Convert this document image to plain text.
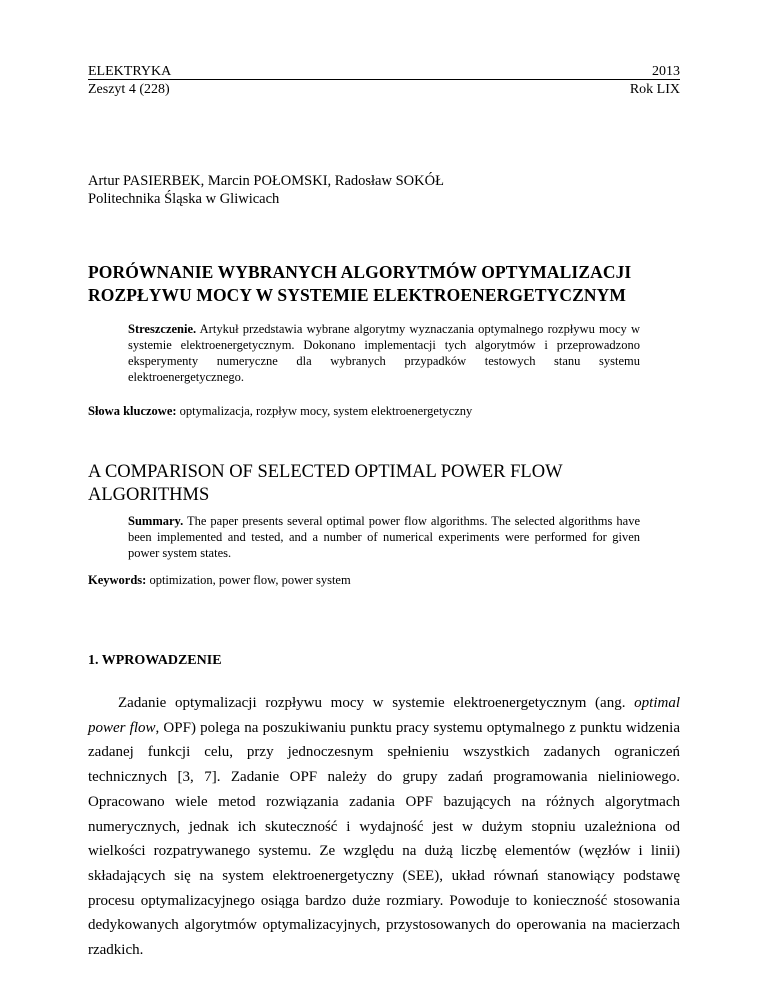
ELEKTRYKA	2013
Zeszyt 4 (228)	Rok LIX
Artur PASIERBEK, Marcin POŁOMSKI, Radosław SOKÓŁ
Politechnika Śląska w Gliwicach
PORÓWNANIE WYBRANYCH ALGORYTMÓW OPTYMALIZACJI
ROZPŁYWU MOCY W SYSTEMIE ELEKTROENERGETYCZNYM
Streszczenie. Artykuł przedstawia wybrane algorytmy wyznaczania optymalnego rozpływu mocy w systemie elektroenergetycznym. Dokonano implementacji tych algorytmów i przeprowadzono eksperymenty numeryczne dla wybranych przypadków testowych stanu systemu elektroenergetycznego.
Słowa kluczowe: optymalizacja, rozpływ mocy, system elektroenergetyczny
A COMPARISON OF SELECTED OPTIMAL POWER FLOW
ALGORITHMS
Summary. The paper presents several optimal power flow algorithms. The selected algorithms have been implemented and tested, and a number of numerical experiments were performed for given power system states.
Keywords: optimization, power flow, power system
1. WPROWADZENIE

Zadanie optymalizacji rozpływu mocy w systemie elektroenergetycznym (ang. optimal power flow, OPF) polega na poszukiwaniu punktu pracy systemu optymalnego z punktu widzenia zadanej funkcji celu, przy jednoczesnym spełnieniu wszystkich zadanych ograniczeń technicznych [3, 7]. Zadanie OPF należy do grupy zadań programowania nieliniowego. Opracowano wiele metod rozwiązania zadania OPF bazujących na różnych algorytmach numerycznych, jednak ich skuteczność i wydajność jest w dużym stopniu uzależniona od wielkości rozpatrywanego systemu. Ze względu na dużą liczbę elementów (węzłów i linii) składających się na system elektroenergetyczny (SEE), układ równań stanowiący podstawę procesu optymalizacyjnego osiąga bardzo duże rozmiary. Powoduje to konieczność stosowania dedykowanych algorytmów optymalizacyjnych, przystosowanych do operowania na macierzach rzadkich.
